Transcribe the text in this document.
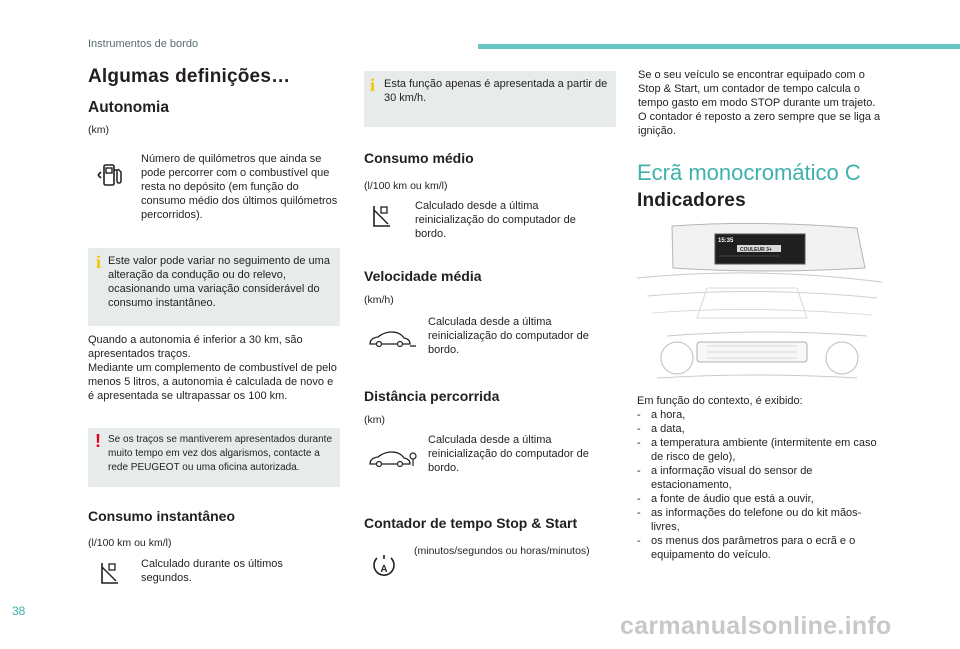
Instrumentos de bordo
Algumas definições…
Autonomia
(km)
Número de quilómetros que ainda se pode percorrer com o combustível que resta no depósito (em função do consumo médio dos últimos quilómetros percorridos).
i Este valor pode variar no seguimento de uma alteração da condução ou do relevo, ocasionando uma variação considerável do consumo instantâneo.
Quando a autonomia é inferior a 30 km, são apresentados traços.
Mediante um complemento de combustível de pelo menos 5 litros, a autonomia é calculada de novo e é apresentada se ultrapassar os 100 km.
! Se os traços se mantiverem apresentados durante muito tempo em vez dos algarismos, contacte a rede PEUGEOT ou uma oficina autorizada.
Consumo instantâneo
(l/100 km ou km/l)
Calculado durante os últimos segundos.
i Esta função apenas é apresentada a partir de 30 km/h.
Consumo médio
(l/100 km ou km/l)
Calculado desde a última reinicialização do computador de bordo.
Velocidade média
(km/h)
Calculada desde a última reinicialização do computador de bordo.
Distância percorrida
(km)
Calculada desde a última reinicialização do computador de bordo.
Contador de tempo Stop & Start
A
(minutos/segundos ou horas/minutos)
Se o seu veículo se encontrar equipado com o Stop & Start, um contador de tempo calcula o tempo gasto em modo STOP durante um trajeto.
O contador é reposto a zero sempre que se liga a ignição.
Ecrã monocromático C
Indicadores
15:35
COULEUR 3+
Em função do contexto, é exibido:
- a hora,
- a data,
- a temperatura ambiente (intermitente em caso de risco de gelo),
- a informação visual do sensor de estacionamento,
- a fonte de áudio que está a ouvir,
- as informações do telefone ou do kit mãos-livres,
- os menus dos parâmetros para o ecrã e o equipamento do veículo.
38
carmanualsonline.info
